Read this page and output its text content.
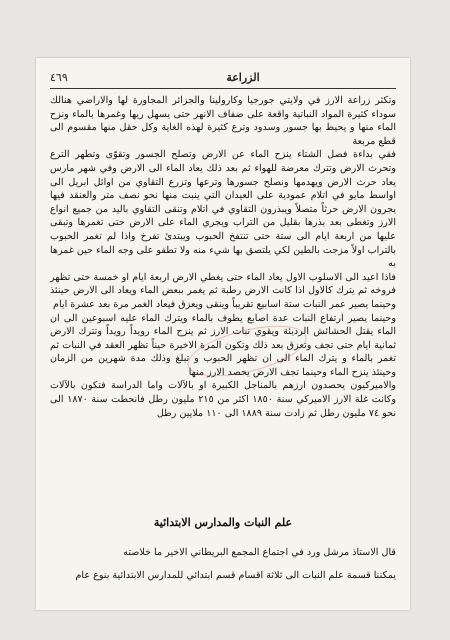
الزراعة
٤٦٩

وتكثر زراعة الارز في ولايتي جورجيا وكارولينا والجزائر المجاورة لها والاراضي هنالك سوداء كثيرة المواد النباتية واقعة على ضفاف الانهر حتى يسهل ريها وغمرها بالماء ونزح الماء منها و يحيط بها جسور وسدود وترع كثيرة لهذه الغاية وكل حقل منها مقسوم الى قطع مربعة

ففي بداءة فصل الشتاء ينزح الماء عن الارض وتصلح الجسور وتقوّى وتطهر الترع وتحرث الارض وتترك معرضة للهواء ثم بعد ذلك يعاد الماء الى الارض وفي شهر مارس يعاد حرث الارض ويهدمها ونصلح جسورها وترعها وتزرع التقاوي من اوائل ابريل الى اواسط مايو في اتلام عمودية على العيدان التي ينبت منها نحو نصف متر والعنقد فيها يجرون الارض حرثاً متصلاً ويبذرون التقاوي في اتلام وتنقى التقاوي باليد من جميع انواع الارز وتغطى بعد بذرها بقليل من التراب ويجري الماء على الارض حتى تغمرها وتبقى عليها من اربعة ايام الى ستة حتى تنتفخ الحبوب ويبتدئ تفرخ واذا لم تغمر الحبوب بالتراب اولاً مزجت بالطين لكي يلتصق بها شيء منه ولا تطفو على وجه الماء حين غمرها به

فاذا اعيد الى الاسلوب الاول يعاد الماء حتى يغطي الارض اربعة ايام او خمسة حتى تظهر فروخه ثم يترك كالاول اذا كانت الارض رطبة ثم يغمر ببعض الماء ويعاد الى الارض حينئذ وحينما يصير عمر النبات ستة اسابيع تقريباً وينقى ويعزق فيعاد الغمر مرة بعد عشرة ايام

وحينما يصير ارتفاع النبات عدة اصابع يطوف بالماء ويترك الماء عليه اسبوعين الى ان الماء يقتل الحشائش الرديئة ويقوي نبات الارز ثم ينزح الماء رويداً رويداً وتترك الارض ثمانية ايام حتى تجف وتعزق بعد ذلك وتكون المرة الاخيرة حيناً تظهر العقد في النبات ثم تغمر بالماء و يترك الماء الى ان تظهر الحبوب و تبلغ وذلك مدة شهرين من الزمان وحينئذ ينزح الماء وحينما تجف الارض يحصد الارز منها

والاميركيون يحصدون ارزهم بالمناجل الكبيرة او بالآلات واما الدراسة فتكون بالآلات وكانت غلة الارز الاميركي سنة ١٨٥٠ اكثر من ٢١٥ مليون رطل فانحطت سنة ١٨٧٠ الى نحو ٧٤ مليون رطل ثم زادت سنة ١٨٨٩ الى ١١٠ ملايين رطل

علم النبات والمدارس الابتدائية

قال الاستاذ مرشل ورد في اجتماع المجمع البريطاني الاخير ما خلاصته

يمكننا قسمة علم النبات الى ثلاثة اقسام قسم ابتدائي للمدارس الابتدائية بنوع عام
